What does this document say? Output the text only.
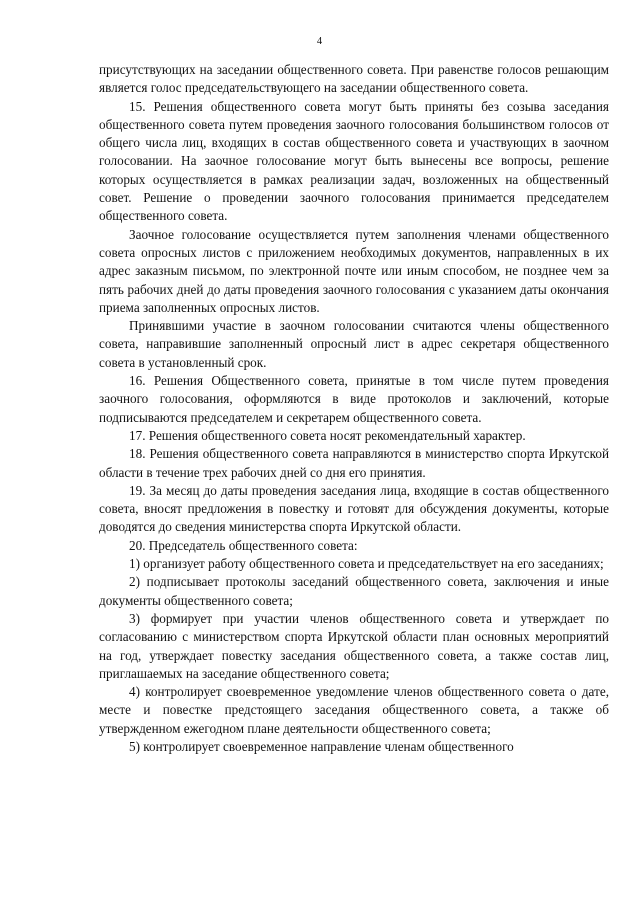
4

присутствующих на заседании общественного совета. При равенстве голосов решающим является голос председательствующего на заседании общественного совета.

15. Решения общественного совета могут быть приняты без созыва заседания общественного совета путем проведения заочного голосования большинством голосов от общего числа лиц, входящих в состав общественного совета и участвующих в заочном голосовании. На заочное голосование могут быть вынесены все вопросы, решение которых осуществляется в рамках реализации задач, возложенных на общественный совет. Решение о проведении заочного голосования принимается председателем общественного совета.

Заочное голосование осуществляется путем заполнения членами общественного совета опросных листов с приложением необходимых документов, направленных в их адрес заказным письмом, по электронной почте или иным способом, не позднее чем за пять рабочих дней до даты проведения заочного голосования с указанием даты окончания приема заполненных опросных листов.

Принявшими участие в заочном голосовании считаются члены общественного совета, направившие заполненный опросный лист в адрес секретаря общественного совета в установленный срок.

16. Решения Общественного совета, принятые в том числе путем проведения заочного голосования, оформляются в виде протоколов и заключений, которые подписываются председателем и секретарем общественного совета.

17. Решения общественного совета носят рекомендательный характер.

18. Решения общественного совета направляются в министерство спорта Иркутской области в течение трех рабочих дней со дня его принятия.

19. За месяц до даты проведения заседания лица, входящие в состав общественного совета, вносят предложения в повестку и готовят для обсуждения документы, которые доводятся до сведения министерства спорта Иркутской области.

20. Председатель общественного совета:

1) организует работу общественного совета и председательствует на его заседаниях;

2) подписывает протоколы заседаний общественного совета, заключения и иные документы общественного совета;

3) формирует при участии членов общественного совета и утверждает по согласованию с министерством спорта Иркутской области план основных мероприятий на год, утверждает повестку заседания общественного совета, а также состав лиц, приглашаемых на заседание общественного совета;

4) контролирует своевременное уведомление членов общественного совета о дате, месте и повестке предстоящего заседания общественного совета, а также об утвержденном ежегодном плане деятельности общественного совета;

5) контролирует своевременное направление членам общественного
